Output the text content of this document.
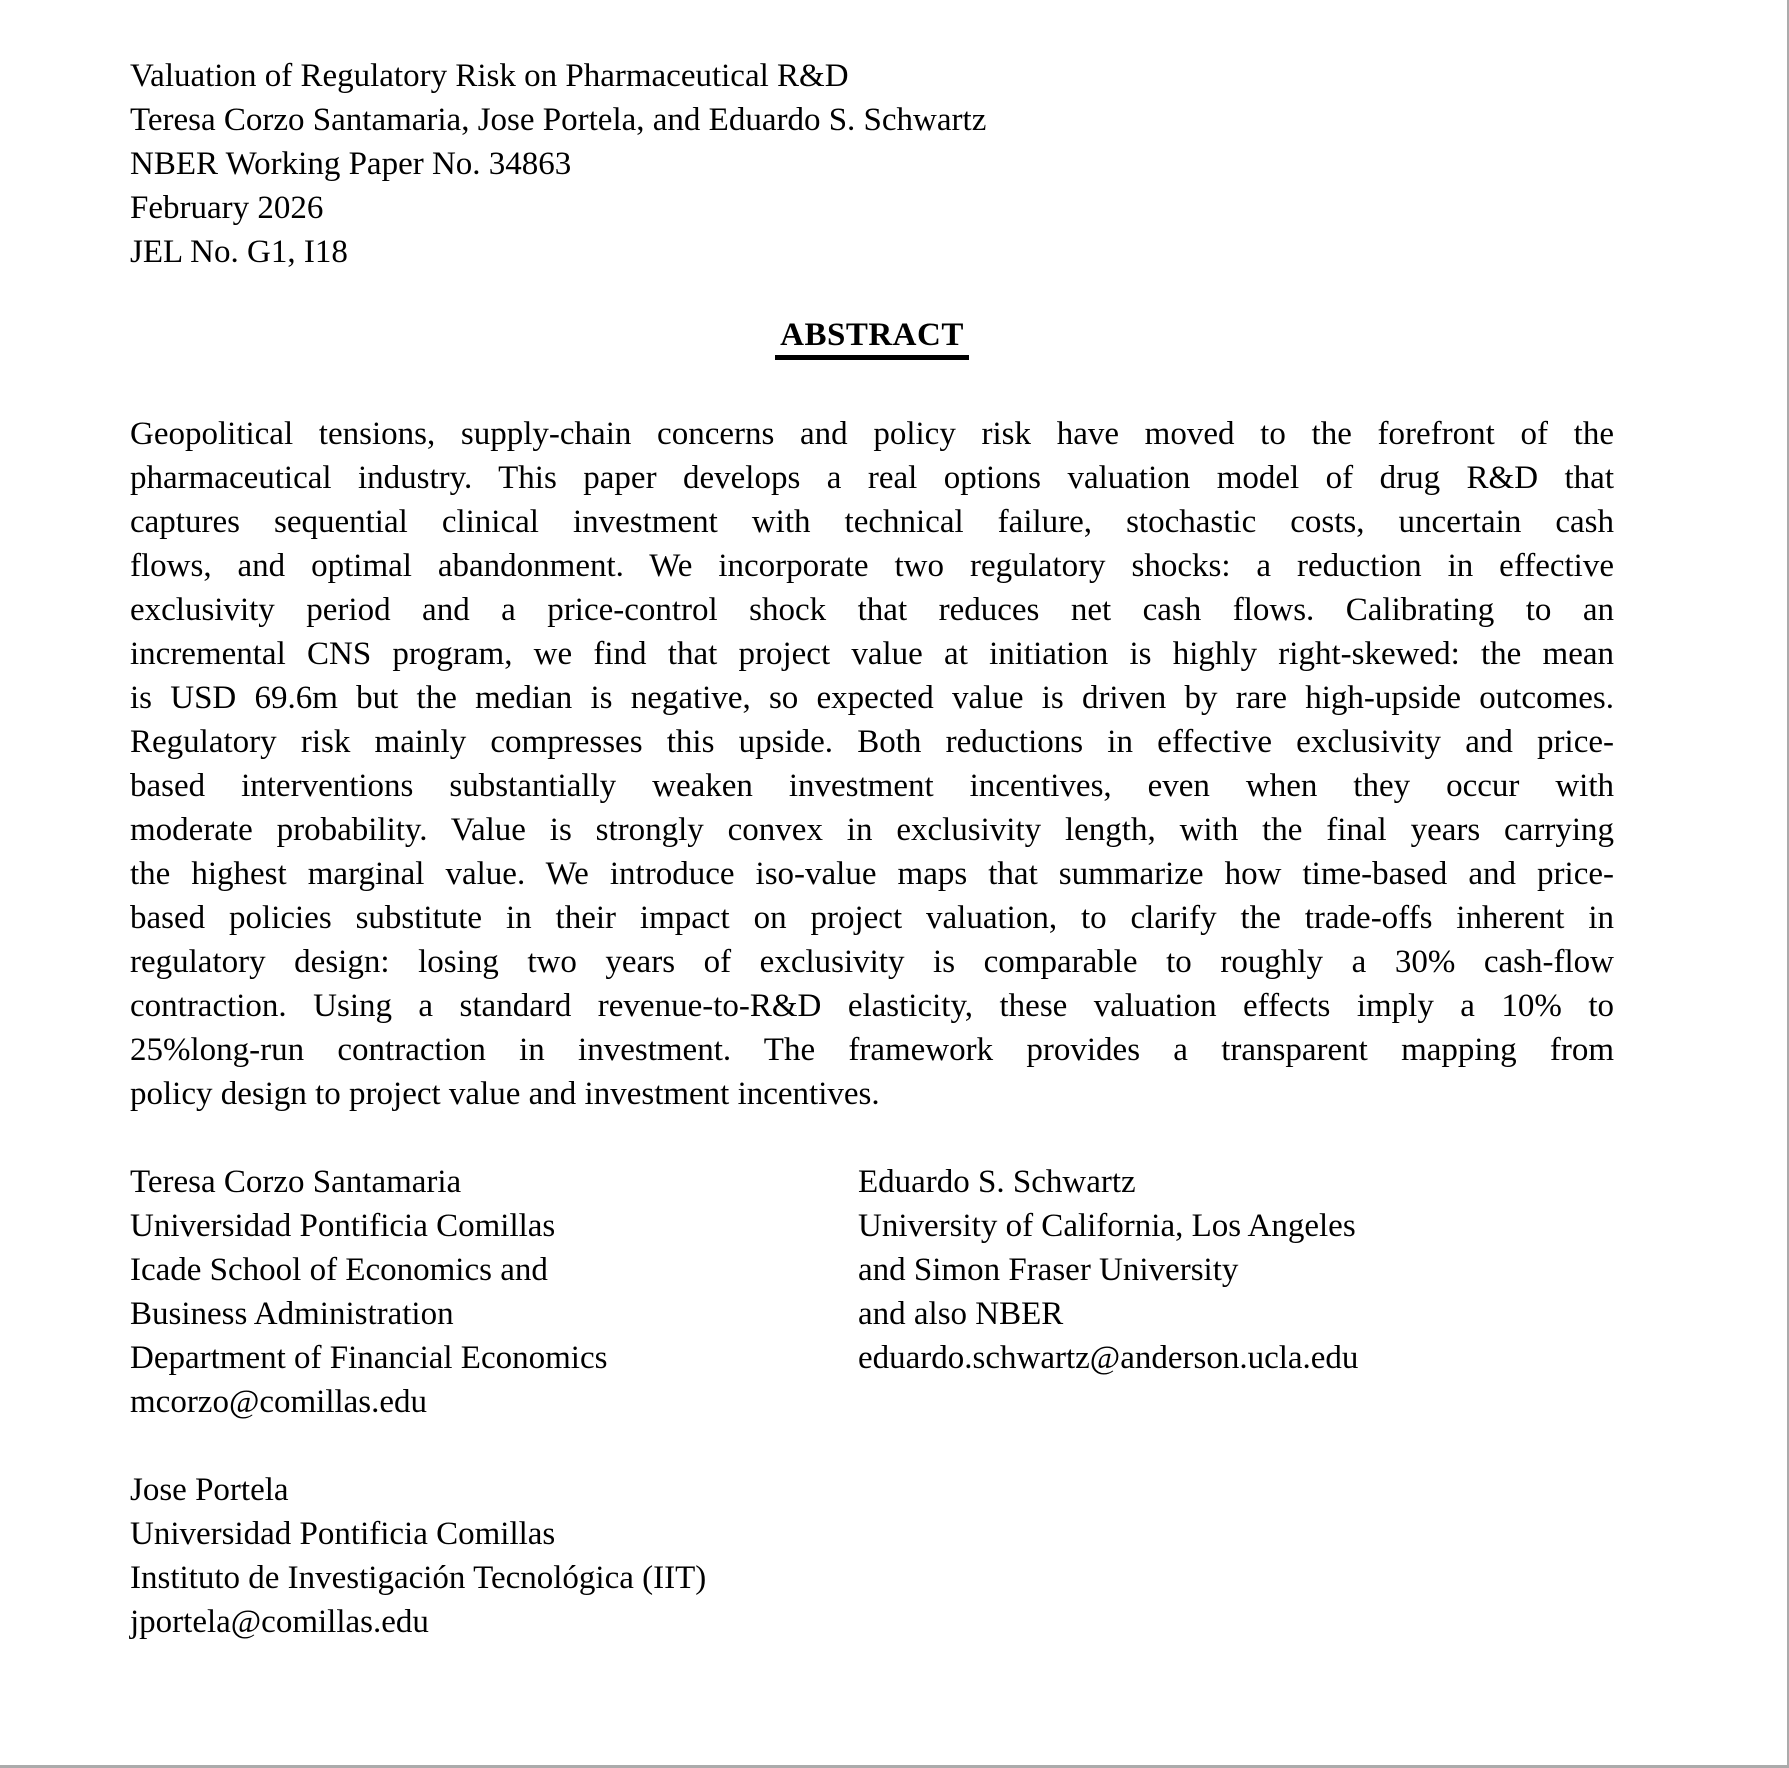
Valuation of Regulatory Risk on Pharmaceutical R&D
Teresa Corzo Santamaria, Jose Portela, and Eduardo S. Schwartz
NBER Working Paper No. 34863
February 2026
JEL No. G1, I18
ABSTRACT
Geopolitical tensions, supply-chain concerns and policy risk have moved to the forefront of the
pharmaceutical industry. This paper develops a real options valuation model of drug R&D that
captures sequential clinical investment with technical failure, stochastic costs, uncertain cash
flows, and optimal abandonment. We incorporate two regulatory shocks: a reduction in effective
exclusivity period and a price-control shock that reduces net cash flows. Calibrating to an
incremental CNS program, we find that project value at initiation is highly right-skewed: the mean
is USD 69.6m but the median is negative, so expected value is driven by rare high-upside outcomes.
Regulatory risk mainly compresses this upside. Both reductions in effective exclusivity and price-
based interventions substantially weaken investment incentives, even when they occur with
moderate probability. Value is strongly convex in exclusivity length, with the final years carrying
the highest marginal value. We introduce iso-value maps that summarize how time-based and price-
based policies substitute in their impact on project valuation, to clarify the trade-offs inherent in
regulatory design: losing two years of exclusivity is comparable to roughly a 30% cash-flow
contraction. Using a standard revenue-to-R&D elasticity, these valuation effects imply a 10% to
25%long-run contraction in investment. The framework provides a transparent mapping from
policy design to project value and investment incentives.
Teresa Corzo Santamaria
Universidad Pontificia Comillas
Icade School of Economics and
Business Administration
Department of Financial Economics
mcorzo@comillas.edu
Eduardo S. Schwartz
University of California, Los Angeles
and Simon Fraser University
and also NBER
eduardo.schwartz@anderson.ucla.edu
Jose Portela
Universidad Pontificia Comillas
Instituto de Investigación Tecnológica (IIT)
jportela@comillas.edu
